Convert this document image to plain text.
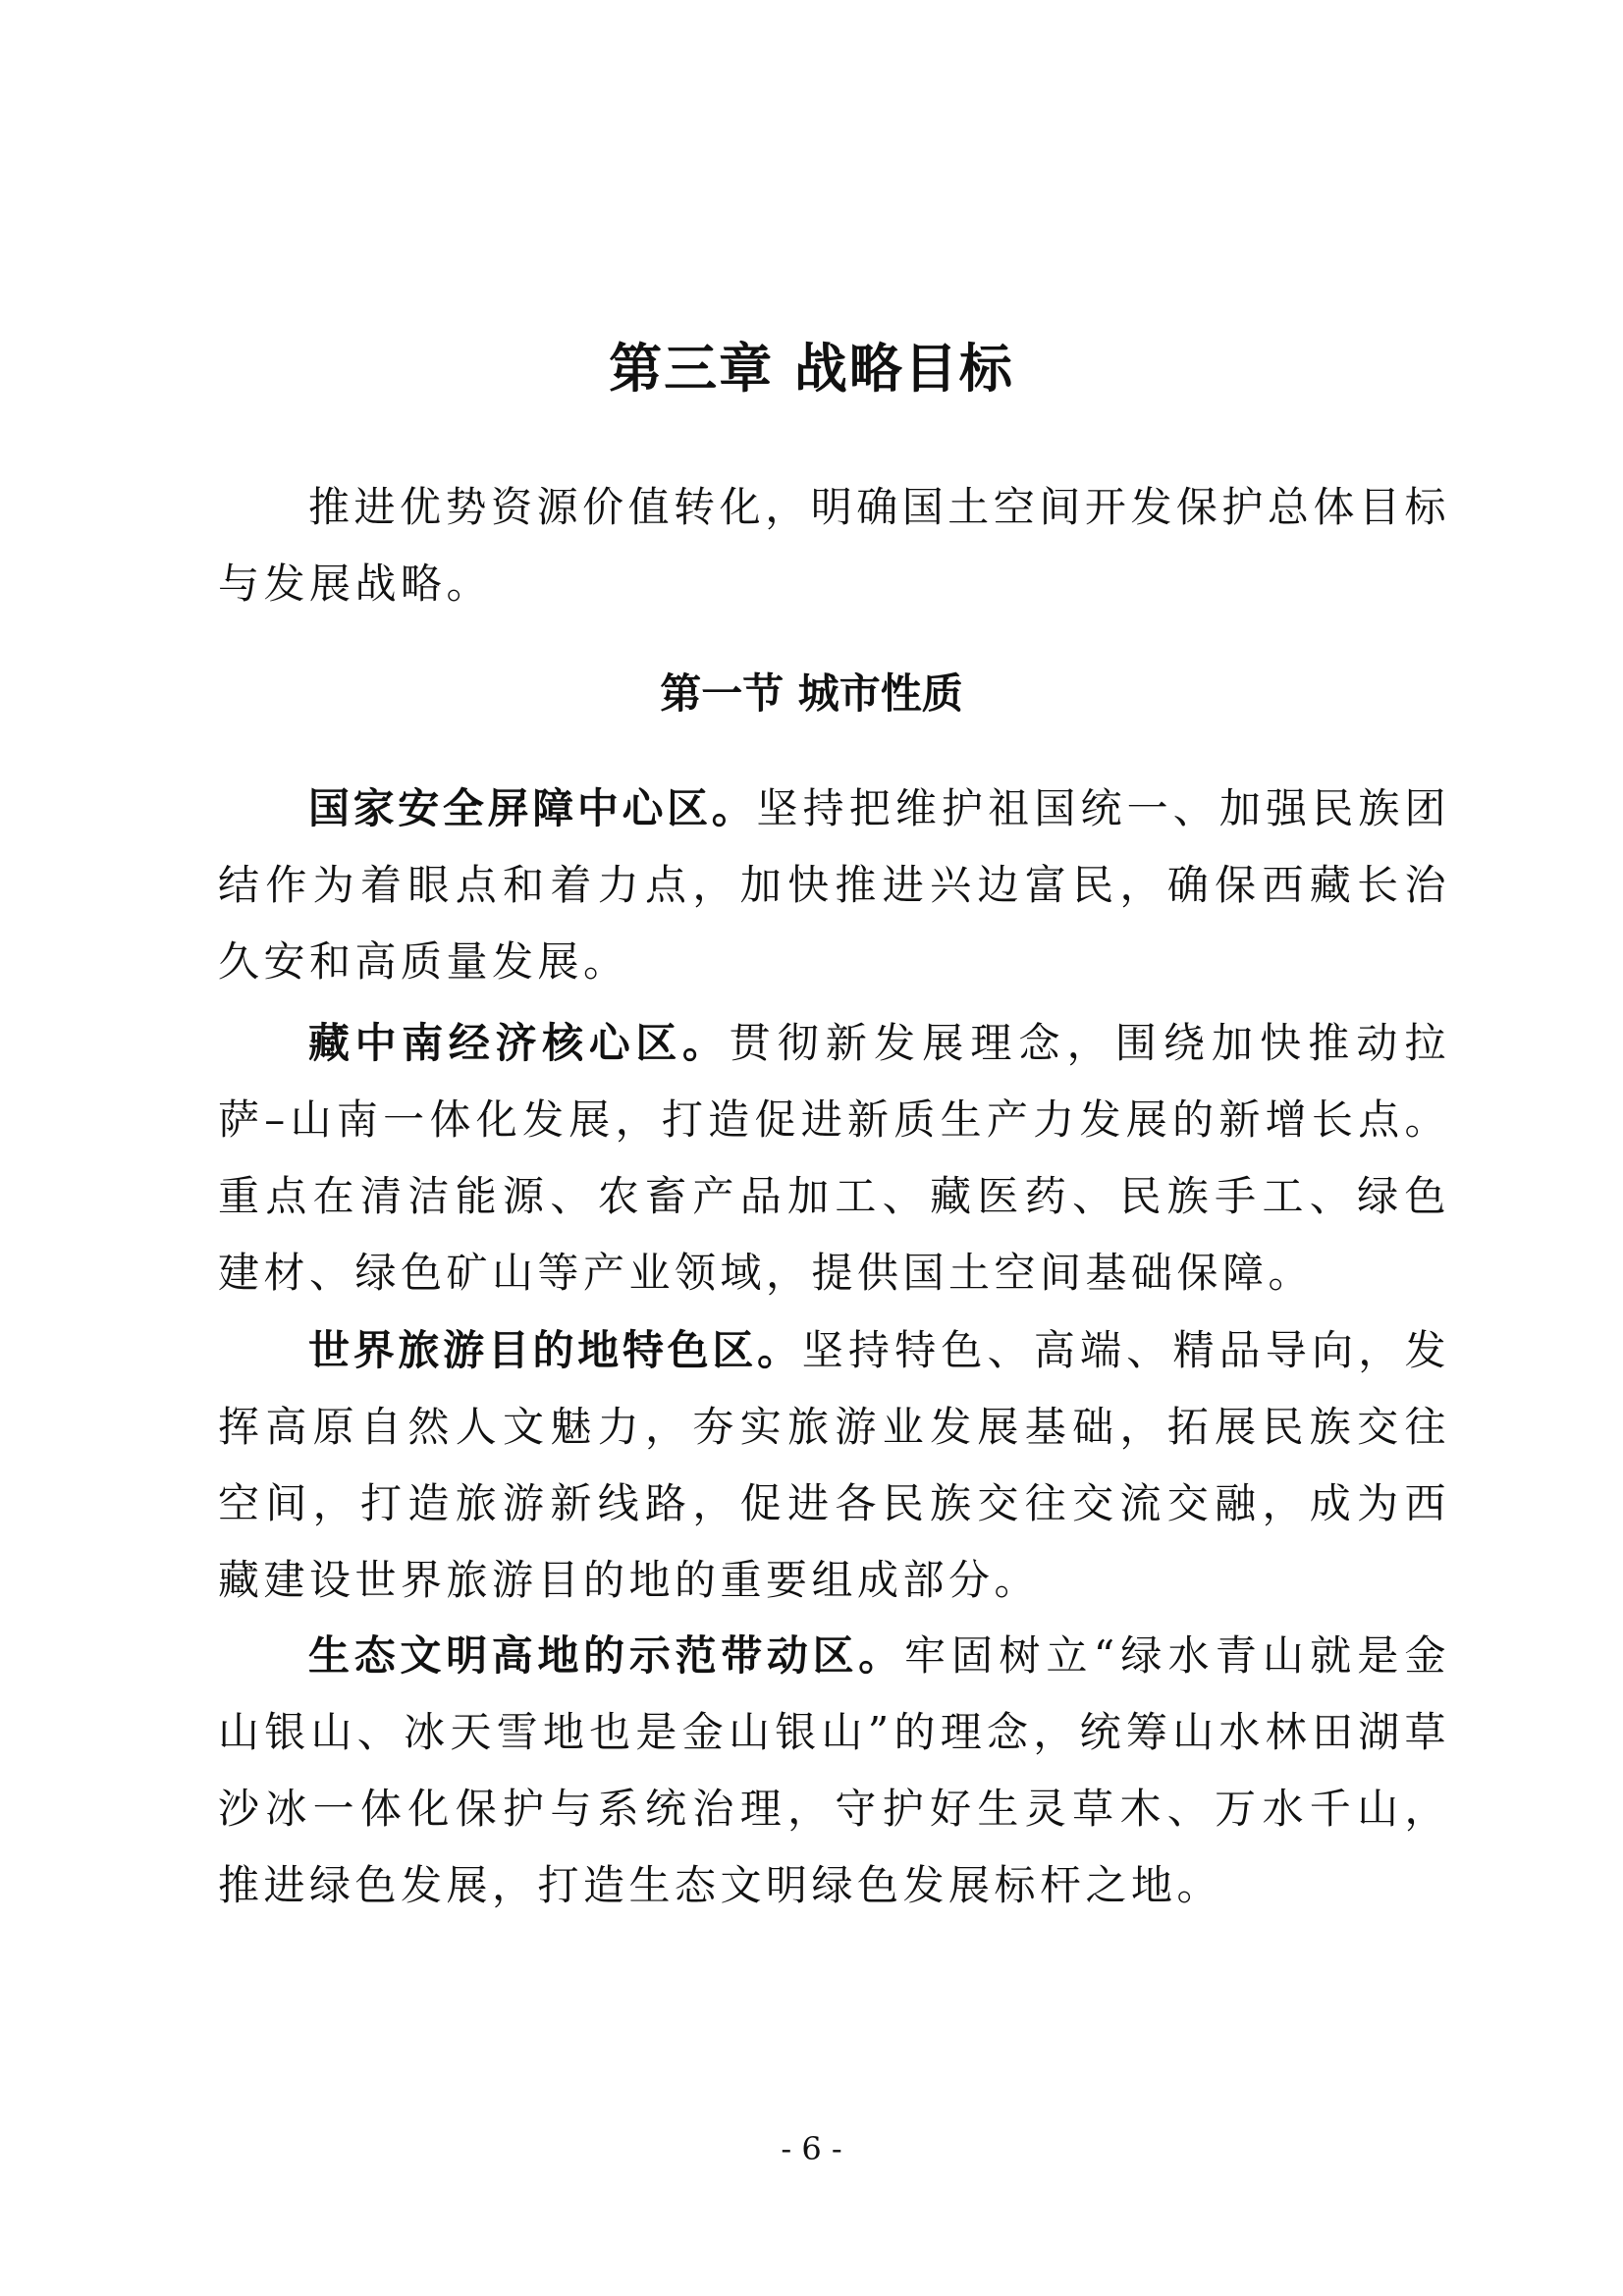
第三章 战略目标
推进优势资源价值转化，明确国土空间开发保护总体目标与发展战略。
第一节 城市性质
国家安全屏障中心区。坚持把维护祖国统一、加强民族团结作为着眼点和着力点，加快推进兴边富民，确保西藏长治久安和高质量发展。
藏中南经济核心区。贯彻新发展理念，围绕加快推动拉萨–山南一体化发展，打造促进新质生产力发展的新增长点。重点在清洁能源、农畜产品加工、藏医药、民族手工、绿色建材、绿色矿山等产业领域，提供国土空间基础保障。
世界旅游目的地特色区。坚持特色、高端、精品导向，发挥高原自然人文魅力，夯实旅游业发展基础，拓展民族交往空间，打造旅游新线路，促进各民族交往交流交融，成为西藏建设世界旅游目的地的重要组成部分。
生态文明高地的示范带动区。牢固树立“绿水青山就是金山银山、冰天雪地也是金山银山”的理念，统筹山水林田湖草沙冰一体化保护与系统治理，守护好生灵草木、万水千山，推进绿色发展，打造生态文明绿色发展标杆之地。
- 6 -
